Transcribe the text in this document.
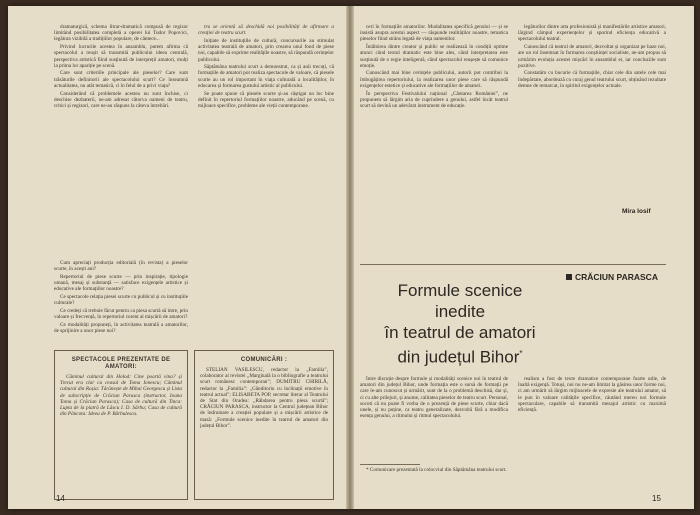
dramaturgică, schema litrar-dramatică compusă de regizor limitând posibilitatea completă a operei lui Tudor Popovici, legătura vizibilă a tradițiilor populare, de cântece...

Privind lucrurile acestea în ansamblu, putem afirma că spectacolul a reușit să transmită publicului ideea centrală, perspectiva artistică fiind susținută de interpreții amatori, mulți la prima lor apariție pe scenă.

Care sunt criteriile principale ale pieselor? Care sunt trăsăturile definitorii ale spectacolului scurt? Ce înseamnă actualitatea, nu atât tematică, ci în felul de a privi viața?

Considerând că problemele acestea nu sunt închise, ci deschise dezbaterii, ne-am adresat câtorva oameni de teatru, critici și regizori, care ne-au răspuns la câteva întrebări.

Cum apreciați producția editorială (în revista) a pieselor scurte, în acești ani?

Repertoriul de piese scurte — prin inspirație, tipologie umană, mesaj și substanță — satisface exigențele artistice și educative ale formațiilor noastre?

Ce spectacole relația piesei scurte cu publicul și cu instituțiile culturale?

Ce credeți că trebuie făcut pentru ca piesa scurtă să intre, prin valoare și frecvență, în repertoriul curent al mișcării de amatori?

Ce modalități propuneți, în activitatea teatrală a amatorilor, de sprijinire a unor piese noi?

tru se orientă să deschidă noi posibilități de afirmare a creației de teatru scurt.

Inițiate de instituțiile de cultură, concursurile au stimulat activitatea teatrală de amatori, prin crearea unui fond de piese noi, capabile să exprime realitățile noastre, să răspundă cerințelor publicului.

Săptămâna teatrului scurt a demonstrat, ca și anii trecuți, că formațiile de amatori pot realiza spectacole de valoare, că piesele scurte au un rol important în viața culturală a localităților, în educarea și formarea gustului artistic al publicului.

Se poate spune că piesele scurte și-au câștigat un loc bine definit în repertoriul formațiilor noastre, aducând pe scenă, cu mijloace specifice, probleme ale vieții contemporane.

SPECTACOLE PREZENTATE DE AMATORI:

Căminul cultural din Holod: Cine poartă vina? și Trecut era clar cu ceasul de Toma Ionescu; Căminul cultural din Roșia: Tărănește de Mihai Georgescu și Lista de subscripție de Crăciun Parasca (instructor, Ioana Toma și Crăciun Parasca); Casa de cultură din Tinca: Lupta de la piatră de Lăscu I. D. Sârbu; Casa de cultură din Pâncota: Ideea de P. Bărbulescu.

COMUNICĂRI :

STELIAN VASILESCU, redactor la „Familia”, colaborator al revistei „Marginală la o bibliografie a teatrului scurt românesc contemporan”; DUMITRU CHIRILĂ, redactor la „Familia”: „Gânditoriu cu înclinații emotive în teatrul actual”; ELISABETA POP, secretar literar al Teatrului de Stat din Oradea: „Răbdarea pentru piesa scurtă”; CRĂCIUN PARASCA, instructor la Centrul județean Bihor de îndrumare a creației populare și a mișcării artistice de masă: „Formule scenice inedite în teatrul de amatori din județul Bihor”.

14

ceri în formațiile amatorilor. Modalitatea specifică genului — și se insistă asupra acestui aspect — răspunde realităților noastre, tematica pieselor fiind strâns legată de viața oamenilor.

Întâlnirea dintre creator și public se realizează în condiții optime atunci când textul dramatic este bine ales, când interpretarea este susținută de o regie inteligentă, când spectacolul reușește să comunice emoție.

Cunoscând mai bine cerințele publicului, autorii pot contribui la îmbogățirea repertoriului, la realizarea unor piese care să răspundă exigențelor estetice și educative ale formațiilor de amatori.

În perspectiva Festivalului național „Cântarea României”, ne propunem să lărgim aria de cuprindere a genului, astfel încât teatrul scurt să devină un adevărat instrument de educație.

legăturilor dintre arta profesionistă și manifestările artistice amatori, lărgind câmpul experiențelor și sporind eficiența educativă a spectacolului teatral.

Cunoscând că teatrul de amatori, dezvoltat și organizat pe baze noi, are un rol însemnat în formarea conștiinței socialiste, ne-am propus să urmărim evoluția acestei mișcări în ansamblul ei, iar concluziile sunt pozitive.

Constatăm cu bucurie că formațiile, chiar cele din satele cele mai îndepărtate, abordează cu curaj genul teatrului scurt, obținând rezultate demne de remarcat, în spiritul exigențelor actuale.

Mira Iosif
Formule scenice
inedite
în teatrul de amatori
din județul Bihor*
CRĂCIUN PARASCA

Între discuție despre formule și modalități scenice noi în teatrul de amatori din județul Bihor, unde formația este o sursă de formații pe care le-am cunoscut și urmărit, sunt de la o problemă deschisă, dar și, ci cu alte prilejuri, și anume, calitatea pieselor de teatru scurt. Personal, socoti că nu poate fi vorba de o prezență de piese scurte, chiar dacă unele, și nu puține, ca teatru generalizate, dezvoltă fără a modifica esența genului, a ritmului și ritmul spectacolului.

* Comunicare prezentată la colocviul din Săptămâna teatrului scurt.

realism a fost de texte dramatice contemporane foarte utile, de înaltă exigență. Totuși, noi nu ne-am limitat la găsirea unor forme noi, ci am urmărit să lărgim mijloacele de expresie ale teatrului amator, să le pun în valoare calitățile specifice, căutând mereu noi formule spectaculare, capabile să transmită mesajul artistic cu maximă eficiență.

15
